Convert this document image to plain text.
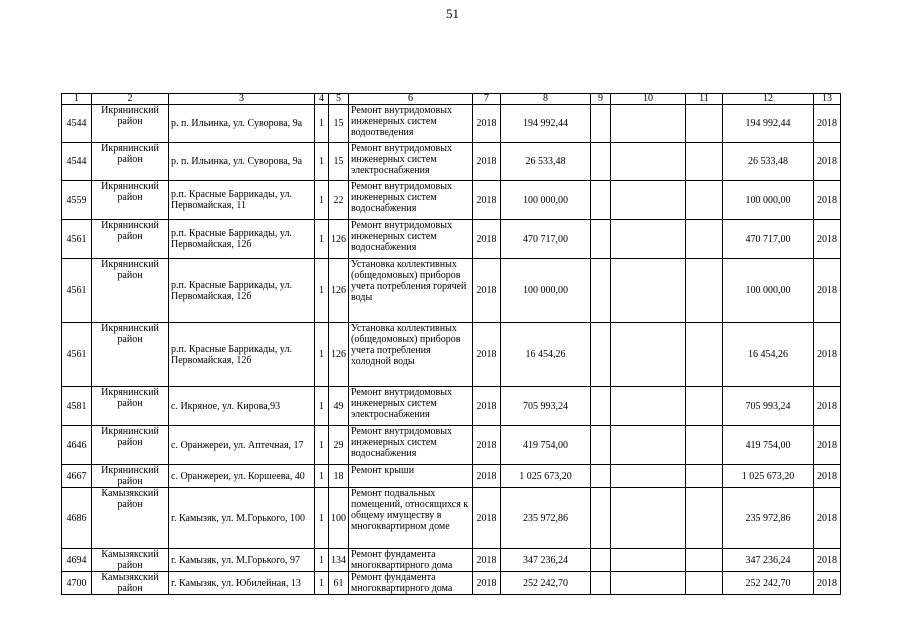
51
1	2	3	4	5	6	7	8	9	10	11	12	13
4544	Икрянинский район	р. п. Ильинка, ул. Суворова, 9а	1	15	Ремонт внутридомовых инженерных систем водоотведения	2018	194 992,44				194 992,44	2018
4544	Икрянинский район	р. п. Ильинка, ул. Суворова, 9а	1	15	Ремонт внутридомовых инженерных систем электроснабжения	2018	26 533,48				26 533,48	2018
4559	Икрянинский район	р.п. Красные Баррикады, ул. Первомайская, 11	1	22	Ремонт внутридомовых инженерных систем водоснабжения	2018	100 000,00				100 000,00	2018
4561	Икрянинский район	р.п. Красные Баррикады, ул. Первомайская, 12б	1	126	Ремонт внутридомовых инженерных систем водоснабжения	2018	470 717,00				470 717,00	2018
4561	Икрянинский район	р.п. Красные Баррикады, ул. Первомайская, 12б	1	126	Установка коллективных (общедомовых) приборов учета потребления горячей воды	2018	100 000,00				100 000,00	2018
4561	Икрянинский район	р.п. Красные Баррикады, ул. Первомайская, 12б	1	126	Установка коллективных (общедомовых) приборов учета потребления холодной воды	2018	16 454,26				16 454,26	2018
4581	Икрянинский район	с. Икряное, ул. Кирова,93	1	49	Ремонт внутридомовых инженерных систем электроснабжения	2018	705 993,24				705 993,24	2018
4646	Икрянинский район	с. Оранжереи, ул. Аптечная, 17	1	29	Ремонт внутридомовых инженерных систем водоснабжения	2018	419 754,00				419 754,00	2018
4667	Икрянинский район	с. Оранжереи, ул. Коршеева, 40	1	18	Ремонт крыши	2018	1 025 673,20				1 025 673,20	2018
4686	Камызякский район	г. Камызяк, ул. М.Горького, 100	1	100	Ремонт подвальных помещений, относящихся к общему имуществу в многоквартирном доме	2018	235 972,86				235 972,86	2018
4694	Камызякский район	г. Камызяк, ул. М.Горького, 97	1	134	Ремонт фундамента многоквартирного дома	2018	347 236,24				347 236,24	2018
4700	Камызякский район	г. Камызяк, ул. Юбилейная, 13	1	61	Ремонт фундамента многоквартирного дома	2018	252 242,70				252 242,70	2018
